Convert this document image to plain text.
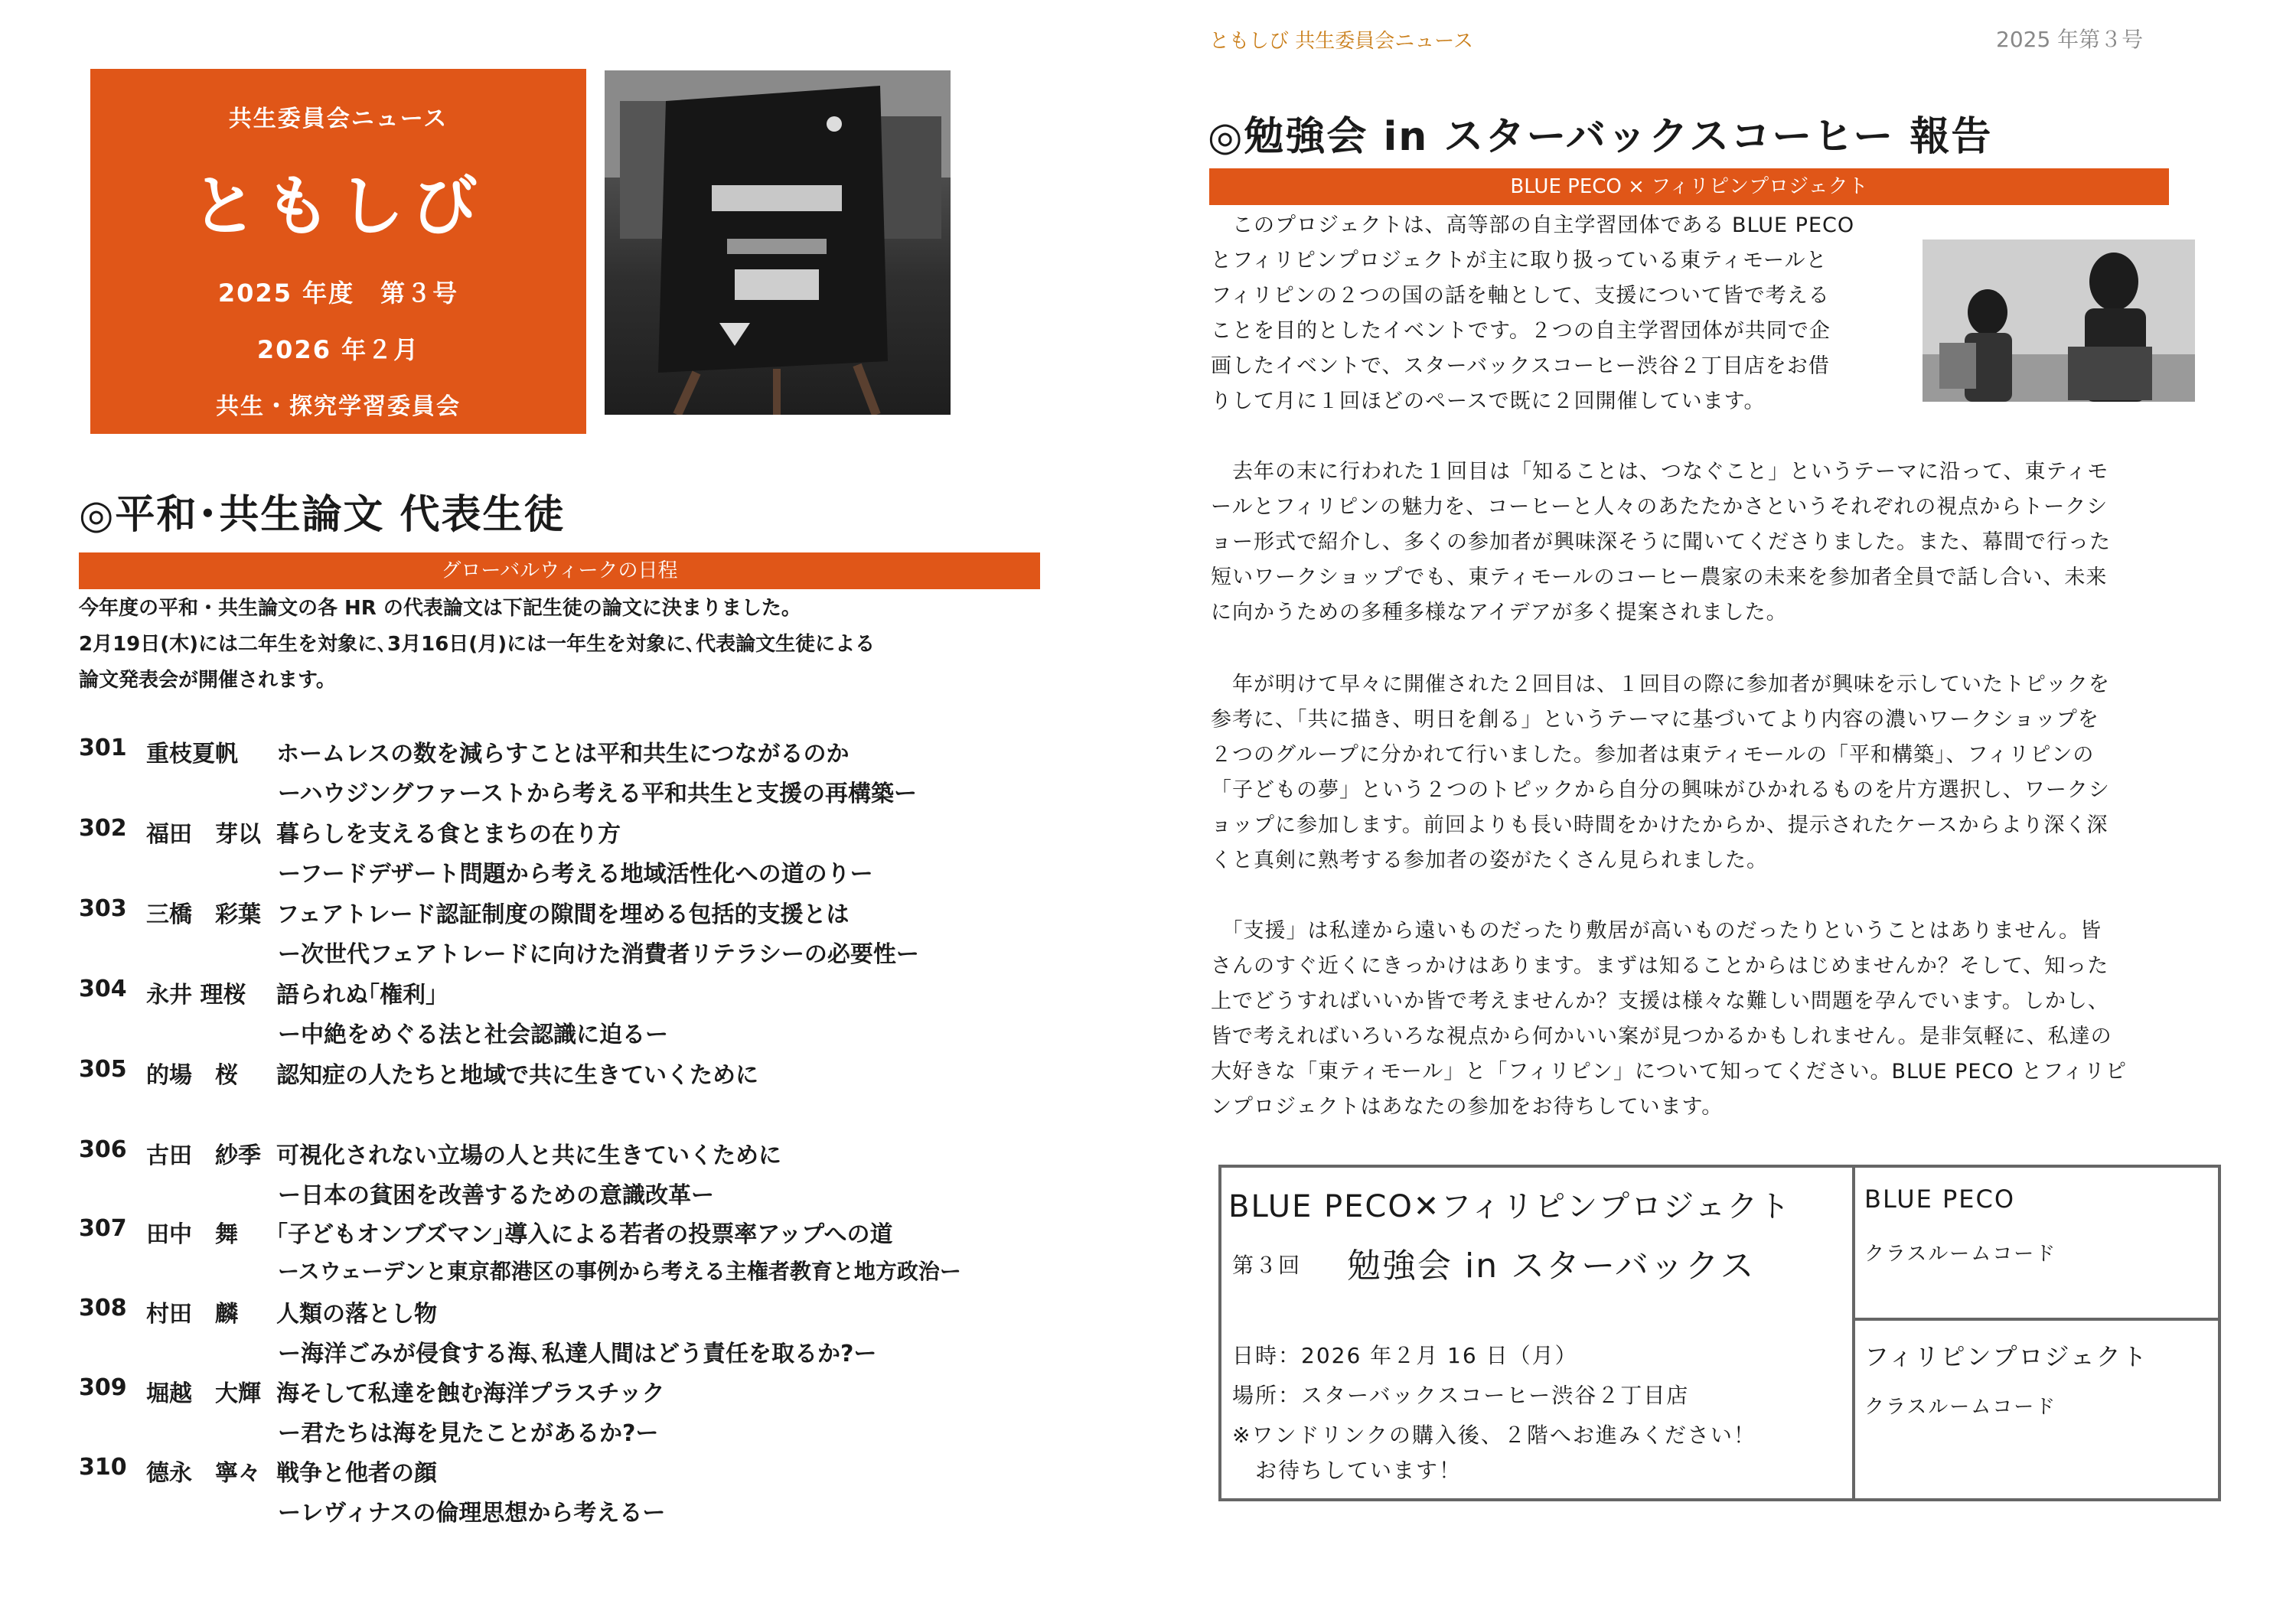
共生委員会ニュース
ともしび
2025 年度　第３号
2026 年２月
共生・探究学習委員会
◎平和･共生論文 代表生徒
グローバルウィークの日程
今年度の平和・共生論文の各 HR の代表論文は下記生徒の論文に決まりました。
2月19日(木)には二年生を対象に､3月16日(月)には一年生を対象に､代表論文生徒による
論文発表会が開催されます。
301 重枝夏帆	ホームレスの数を減らすことは平和共生につながるのか
ーハウジングファーストから考える平和共生と支援の再構築ー
302 福田　芽以 暮らしを支える食とまちの在り方
ーフードデザート問題から考える地域活性化への道のりー
303 三橋　彩葉 フェアトレード認証制度の隙間を埋める包括的支援とは
ー次世代フェアトレードに向けた消費者リテラシーの必要性ー
304 永井 理桜	語られぬ｢権利｣
ー中絶をめぐる法と社会認識に迫るー
305 的場　桜	認知症の人たちと地域で共に生きていくために
306 古田　紗季 可視化されない立場の人と共に生きていくために
ー日本の貧困を改善するための意識改革ー
307 田中　舞	｢子どもオンブズマン｣導入による若者の投票率アップへの道
ースウェーデンと東京都港区の事例から考える主権者教育と地方政治ー
308 村田　麟	人類の落とし物
ー海洋ごみが侵食する海､私達人間はどう責任を取るか?ー
309 堀越　大輝 海そして私達を蝕む海洋プラスチック
ー君たちは海を見たことがあるか?ー
310 德永　寧々 戦争と他者の顔
ーレヴィナスの倫理思想から考えるー
ともしび 共生委員会ニュース	2025 年第３号
◎勉強会 in スターバックスコーヒー 報告
BLUE PECO × フィリピンプロジェクト
　このプロジェクトは、高等部の自主学習団体である BLUE PECO
とフィリピンプロジェクトが主に取り扱っている東ティモールと
フィリピンの２つの国の話を軸として、支援について皆で考える
ことを目的としたイベントです。２つの自主学習団体が共同で企
画したイベントで、スターバックスコーヒー渋谷２丁目店をお借
りして月に１回ほどのペースで既に２回開催しています。
　去年の末に行われた１回目は「知ることは、つなぐこと」というテーマに沿って、東ティモ
ールとフィリピンの魅力を、コーヒーと人々のあたたかさというそれぞれの視点からトークシ
ョー形式で紹介し、多くの参加者が興味深そうに聞いてくださりました。また、幕間で行った
短いワークショップでも、東ティモールのコーヒー農家の未来を参加者全員で話し合い、未来
に向かうための多種多様なアイデアが多く提案されました。
　年が明けて早々に開催された２回目は、１回目の際に参加者が興味を示していたトピックを
参考に、「共に描き、明日を創る」というテーマに基づいてより内容の濃いワークショップを
２つのグループに分かれて行いました。参加者は東ティモールの「平和構築」、フィリピンの
「子どもの夢」という２つのトピックから自分の興味がひかれるものを片方選択し、ワークシ
ョップに参加します。前回よりも長い時間をかけたからか、提示されたケースからより深く深
くと真剣に熟考する参加者の姿がたくさん見られました。
　「支援」は私達から遠いものだったり敷居が高いものだったりということはありません。皆
さんのすぐ近くにきっかけはあります。まずは知ることからはじめませんか？そして、知った
上でどうすればいいか皆で考えませんか？支援は様々な難しい問題を孕んでいます。しかし、
皆で考えればいろいろな視点から何かいい案が見つかるかもしれません。是非気軽に、私達の
大好きな「東ティモール」と「フィリピン」について知ってください。BLUE PECO とフィリピ
ンプロジェクトはあなたの参加をお待ちしています。
BLUE PECO✕フィリピンプロジェクト
第３回 勉強会 in スターバックス
日時：2026 年２月 16 日（月）
場所：スターバックスコーヒー渋谷２丁目店
※ワンドリンクの購入後、２階へお進みください！
お待ちしています！
BLUE PECO
クラスルームコード
フィリピンプロジェクト
クラスルームコード
